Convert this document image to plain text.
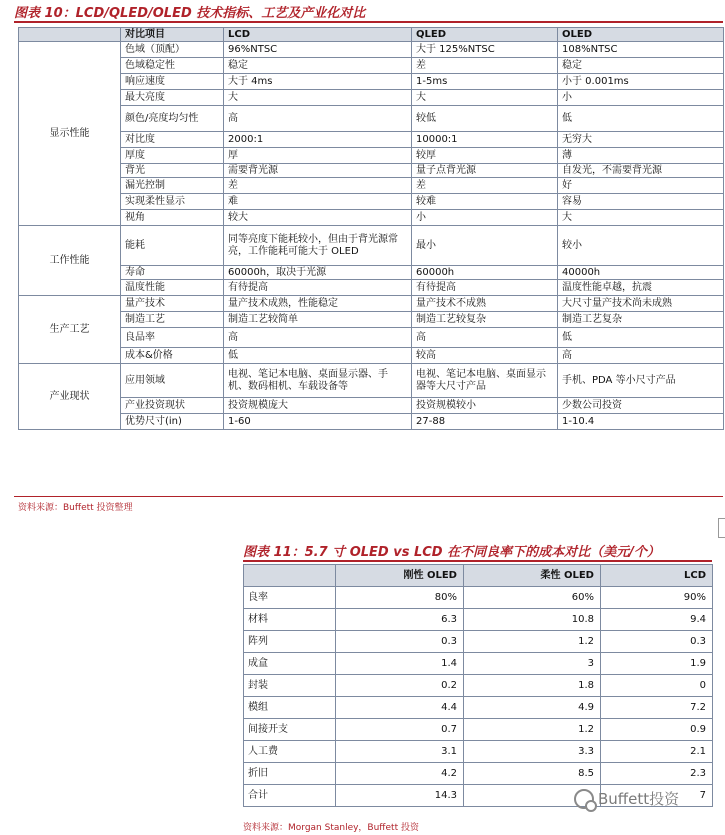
图表 10：LCD/QLED/OLED 技术指标、工艺及产业化对比
	对比项目	LCD	QLED	OLED
显示性能	色域（顶配）	96%NTSC	大于 125%NTSC	108%NTSC
	色域稳定性	稳定	差	稳定
	响应速度	大于 4ms	1-5ms	小于 0.001ms
	最大亮度	大	大	小
	颜色/亮度均匀性	高	较低	低
	对比度	2000:1	10000:1	无穷大
	厚度	厚	较厚	薄
	背光	需要背光源	量子点背光源	自发光，不需要背光源
	漏光控制	差	差	好
	实现柔性显示	难	较难	容易
	视角	较大	小	大
工作性能	能耗	同等亮度下能耗较小，但由于背光源常亮，工作能耗可能大于 OLED	最小	较小
	寿命	60000h，取决于光源	60000h	40000h
	温度性能	有待提高	有待提高	温度性能卓越，抗震
生产工艺	量产技术	量产技术成熟，性能稳定	量产技术不成熟	大尺寸量产技术尚未成熟
	制造工艺	制造工艺较简单	制造工艺较复杂	制造工艺复杂
	良品率	高	高	低
	成本&价格	低	较高	高
产业现状	应用领域	电视、笔记本电脑、桌面显示器、手机、数码相机、车载设备等	电视、笔记本电脑、桌面显示器等大尺寸产品	手机、PDA 等小尺寸产品
	产业投资现状	投资规模庞大	投资规模较小	少数公司投资
	优势尺寸(in)	1-60	27-88	1-10.4
资料来源：Buffett 投资整理
图表 11：5.7 寸 OLED vs LCD 在不同良率下的成本对比（美元/个）
	刚性 OLED	柔性 OLED	LCD
良率	80%	60%	90%
材料	6.3	10.8	9.4
阵列	0.3	1.2	0.3
成盒	1.4	3	1.9
封装	0.2	1.8	0
模组	4.4	4.9	7.2
间接开支	0.7	1.2	0.9
人工费	3.1	3.3	2.1
折旧	4.2	8.5	2.3
合计	14.3		7
资料来源：Morgan Stanley，Buffett 投资
Buffett投资
